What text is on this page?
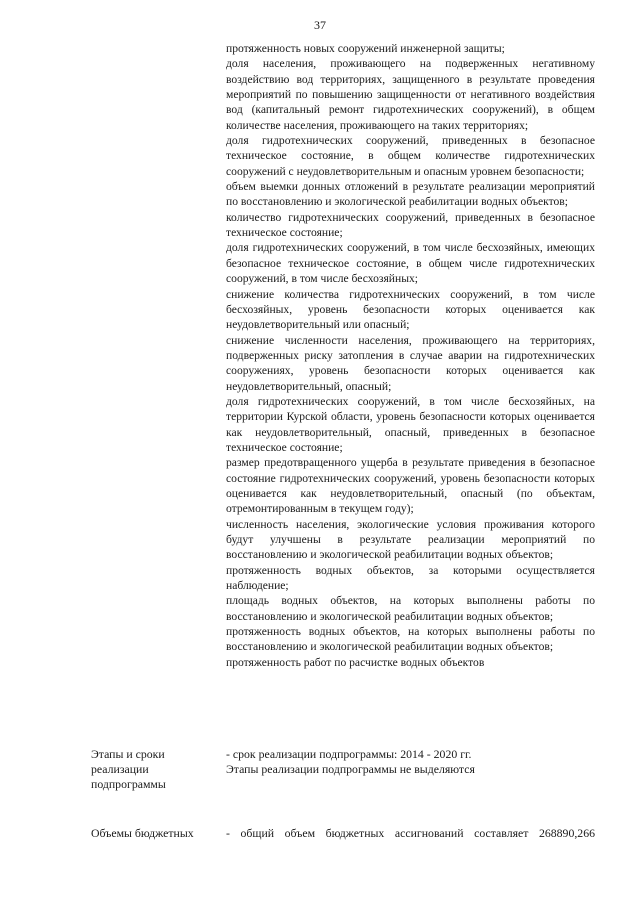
37
протяженность новых сооружений инженерной защиты;
доля населения, проживающего на подверженных негативному воздействию вод территориях, защищенного в результате проведения мероприятий по повышению защищенности от негативного воздействия вод (капитальный ремонт гидротехнических сооружений), в общем количестве населения, проживающего на таких территориях;
доля гидротехнических сооружений, приведенных в безопасное техническое состояние, в общем количестве гидротехнических сооружений с неудовлетворительным и опасным уровнем безопасности;
объем выемки донных отложений в результате реализации мероприятий по восстановлению и экологической реабилитации водных объектов;
количество гидротехнических сооружений, приведенных в безопасное техническое состояние;
доля гидротехнических сооружений, в том числе бесхозяйных, имеющих безопасное техническое состояние, в общем числе гидротехнических сооружений, в том числе бесхозяйных;
снижение количества гидротехнических сооружений, в том числе бесхозяйных, уровень безопасности которых оценивается как неудовлетворительный или опасный;
снижение численности населения, проживающего на территориях, подверженных риску затопления в случае аварии на гидротехнических сооружениях, уровень безопасности которых оценивается как неудовлетворительный, опасный;
доля гидротехнических сооружений, в том числе бесхозяйных, на территории Курской области, уровень безопасности которых оценивается как неудовлетворительный, опасный, приведенных в безопасное техническое состояние;
размер предотвращенного ущерба в результате приведения в безопасное состояние гидротехнических сооружений, уровень безопасности которых оценивается как неудовлетворительный, опасный (по объектам, отремонтированным в текущем году);
численность населения, экологические условия проживания которого будут улучшены в результате реализации мероприятий по восстановлению и экологической реабилитации водных объектов;
протяженность водных объектов, за которыми осуществляется наблюдение;
площадь водных объектов, на которых выполнены работы по восстановлению и экологической реабилитации водных объектов;
протяженность водных объектов, на которых выполнены работы по восстановлению и экологической реабилитации водных объектов;
протяженность работ по расчистке водных объектов
Этапы и сроки
реализации
подпрограммы
- срок реализации подпрограммы: 2014 - 2020 гг.
Этапы реализации подпрограммы не выделяются
Объемы бюджетных	- общий объем бюджетных ассигнований составляет 268890,266
